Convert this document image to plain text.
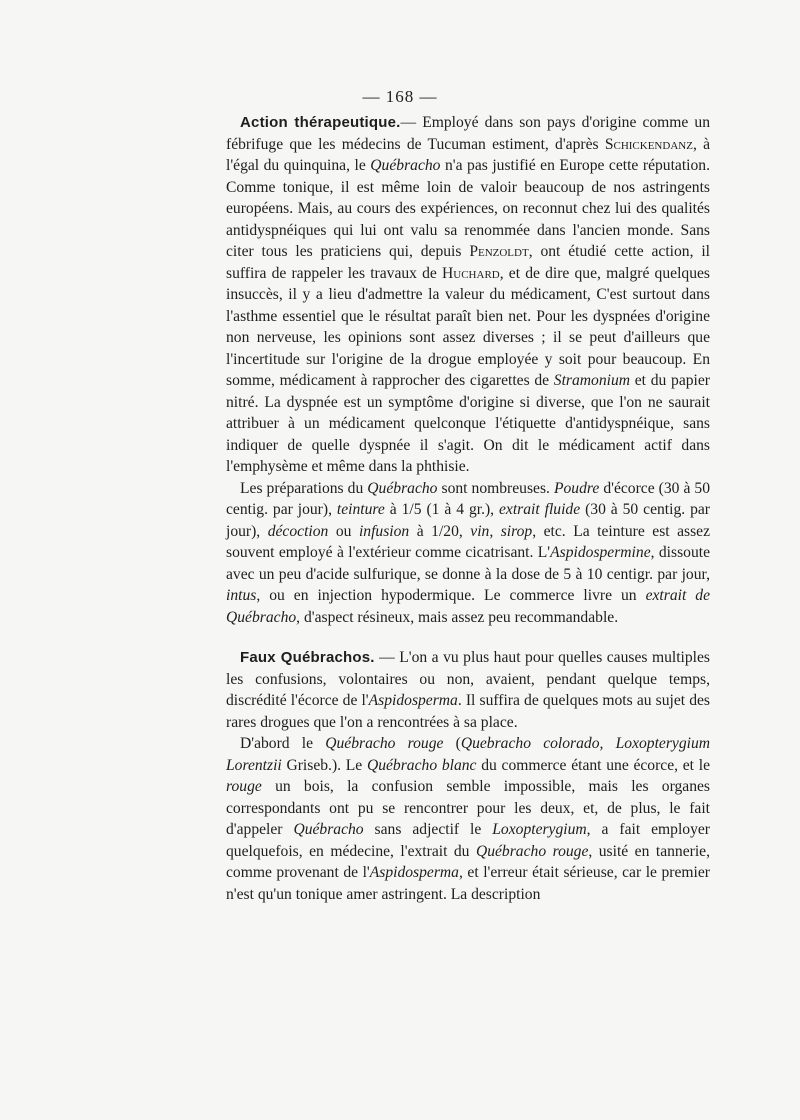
— 168 —

Action thérapeutique.— Employé dans son pays d'origine comme un fébrifuge que les médecins de Tucuman estiment, d'après Schickendanz, à l'égal du quinquina, le Québracho n'a pas justifié en Europe cette réputation. Comme tonique, il est même loin de valoir beaucoup de nos astringents européens. Mais, au cours des expériences, on reconnut chez lui des qualités antidyspnéiques qui lui ont valu sa renommée dans l'ancien monde. Sans citer tous les praticiens qui, depuis Penzoldt, ont étudié cette action, il suffira de rappeler les travaux de Huchard, et de dire que, malgré quelques insuccès, il y a lieu d'admettre la valeur du médicament, C'est surtout dans l'asthme essentiel que le résultat paraît bien net. Pour les dyspnées d'origine non nerveuse, les opinions sont assez diverses ; il se peut d'ailleurs que l'incertitude sur l'origine de la drogue employée y soit pour beaucoup. En somme, médicament à rapprocher des cigarettes de Stramonium et du papier nitré. La dyspnée est un symptôme d'origine si diverse, que l'on ne saurait attribuer à un médicament quelconque l'étiquette d'antidyspnéique, sans indiquer de quelle dyspnée il s'agit. On dit le médicament actif dans l'emphysème et même dans la phthisie.

Les préparations du Québracho sont nombreuses. Poudre d'écorce (30 à 50 centig. par jour), teinture à 1/5 (1 à 4 gr.), extrait fluide (30 à 50 centig. par jour), décoction ou infusion à 1/20, vin, sirop, etc. La teinture est assez souvent employé à l'extérieur comme cicatrisant. L'Aspidospermine, dissoute avec un peu d'acide sulfurique, se donne à la dose de 5 à 10 centigr. par jour, intus, ou en injection hypodermique. Le commerce livre un extrait de Québracho, d'aspect résineux, mais assez peu recommandable.

Faux Québrachos. — L'on a vu plus haut pour quelles causes multiples les confusions, volontaires ou non, avaient, pendant quelque temps, discrédité l'écorce de l'Aspidosperma. Il suffira de quelques mots au sujet des rares drogues que l'on a rencontrées à sa place.

D'abord le Québracho rouge (Quebracho colorado, Loxopterygium Lorentzii Griseb.). Le Québracho blanc du commerce étant une écorce, et le rouge un bois, la confusion semble impossible, mais les organes correspondants ont pu se rencontrer pour les deux, et, de plus, le fait d'appeler Québracho sans adjectif le Loxopterygium, a fait employer quelquefois, en médecine, l'extrait du Québracho rouge, usité en tannerie, comme provenant de l'Aspidosperma, et l'erreur était sérieuse, car le premier n'est qu'un tonique amer astringent. La description
